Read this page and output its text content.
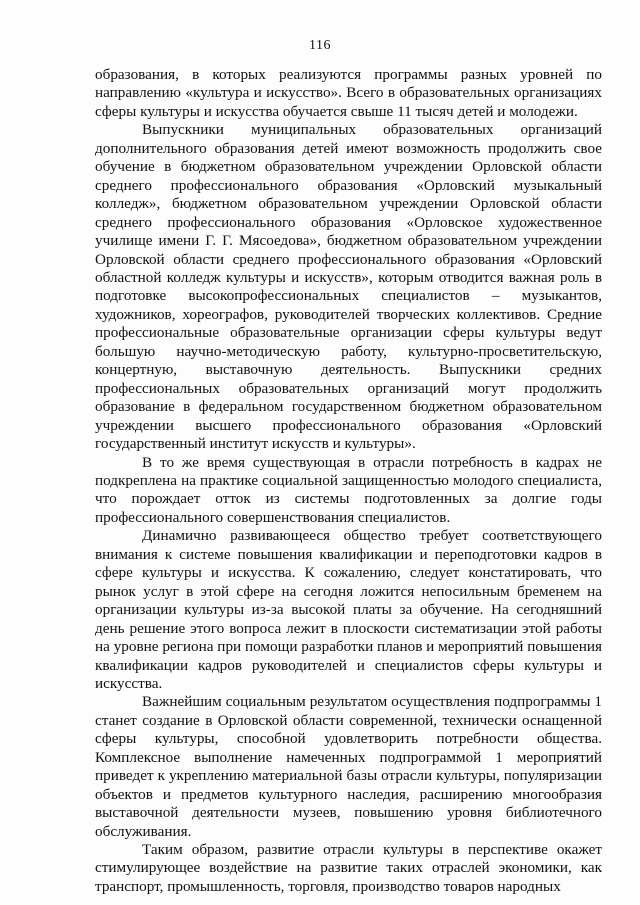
116

образования, в которых реализуются программы разных уровней по направлению «культура и искусство». Всего в образовательных организациях сферы культуры и искусства обучается свыше 11 тысяч детей и молодежи.

Выпускники муниципальных образовательных организаций дополнительного образования детей имеют возможность продолжить свое обучение в бюджетном образовательном учреждении Орловской области среднего профессионального образования «Орловский музыкальный колледж», бюджетном образовательном учреждении Орловской области среднего профессионального образования «Орловское художественное училище имени Г. Г. Мясоедова», бюджетном образовательном учреждении Орловской области среднего профессионального образования «Орловский областной колледж культуры и искусств», которым отводится важная роль в подготовке высокопрофессиональных специалистов – музыкантов, художников, хореографов, руководителей творческих коллективов. Средние профессиональные образовательные организации сферы культуры ведут большую научно-методическую работу, культурно-просветительскую, концертную, выставочную деятельность. Выпускники средних профессиональных образовательных организаций могут продолжить образование в федеральном государственном бюджетном образовательном учреждении высшего профессионального образования «Орловский государственный институт искусств и культуры».

В то же время существующая в отрасли потребность в кадрах не подкреплена на практике социальной защищенностью молодого специалиста, что порождает отток из системы подготовленных за долгие годы профессионального совершенствования специалистов.

Динамично развивающееся общество требует соответствующего внимания к системе повышения квалификации и переподготовки кадров в сфере культуры и искусства. К сожалению, следует констатировать, что рынок услуг в этой сфере на сегодня ложится непосильным бременем на организации культуры из-за высокой платы за обучение. На сегодняшний день решение этого вопроса лежит в плоскости систематизации этой работы на уровне региона при помощи разработки планов и мероприятий повышения квалификации кадров руководителей и специалистов сферы культуры и искусства.

Важнейшим социальным результатом осуществления подпрограммы 1 станет создание в Орловской области современной, технически оснащенной сферы культуры, способной удовлетворить потребности общества. Комплексное выполнение намеченных подпрограммой 1 мероприятий приведет к укреплению материальной базы отрасли культуры, популяризации объектов и предметов культурного наследия, расширению многообразия выставочной деятельности музеев, повышению уровня библиотечного обслуживания.

Таким образом, развитие отрасли культуры в перспективе окажет стимулирующее воздействие на развитие таких отраслей экономики, как транспорт, промышленность, торговля, производство товаров народных
